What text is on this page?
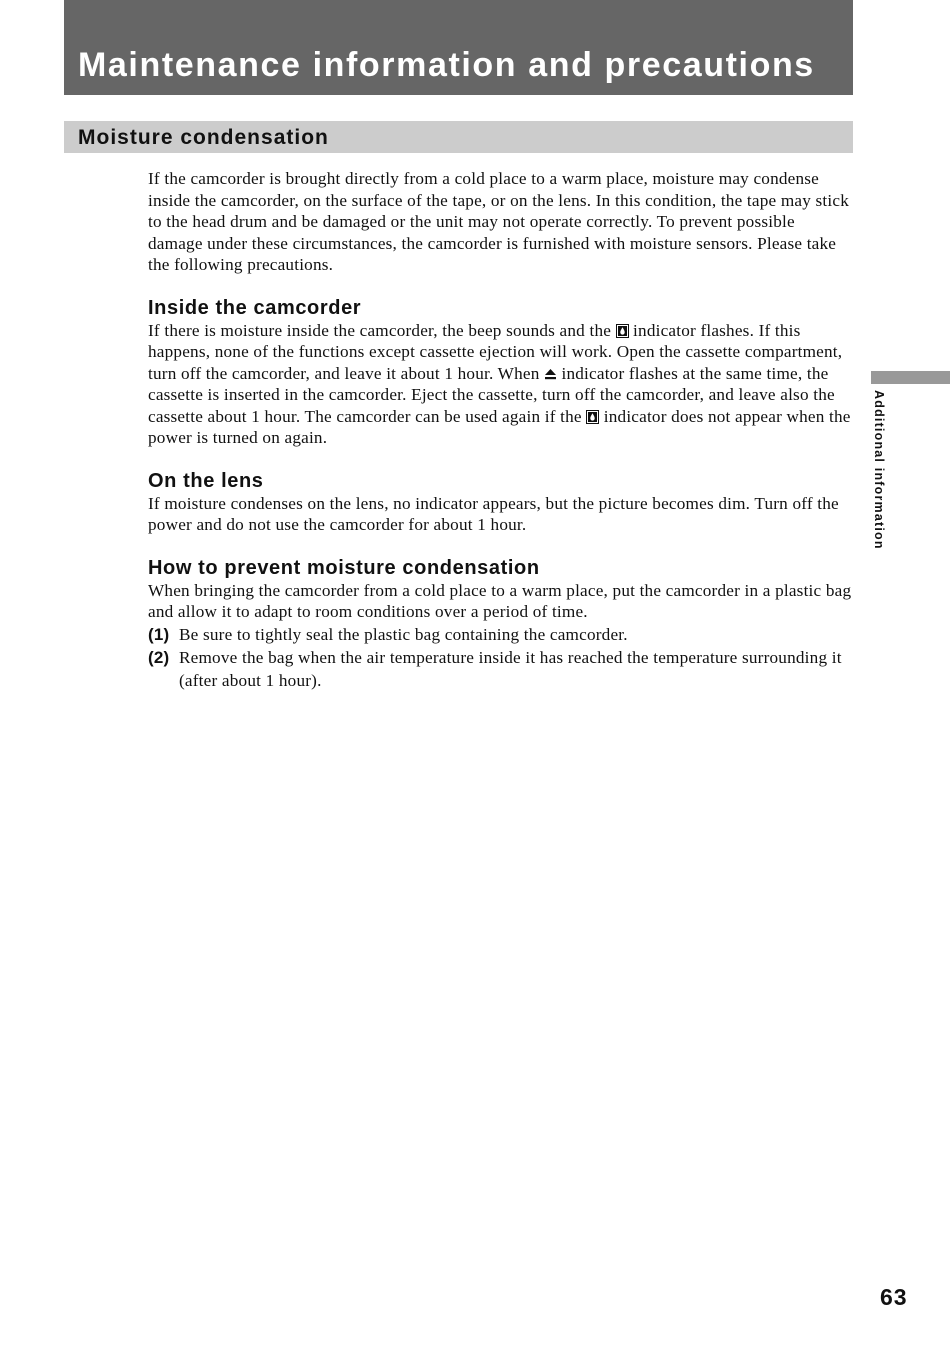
Maintenance information and precautions
Moisture condensation

If the camcorder is brought directly from a cold place to a warm place, moisture may condense inside the camcorder, on the surface of the tape, or on the lens. In this condition, the tape may stick to the head drum and be damaged or the unit may not operate correctly. To prevent possible damage under these circumstances, the camcorder is furnished with moisture sensors. Please take the following precautions.

Inside the camcorder

If there is moisture inside the camcorder, the beep sounds and the  indicator flashes. If this happens, none of the functions except cassette ejection will work. Open the cassette compartment, turn off the camcorder, and leave it about 1 hour. When  indicator flashes at the same time, the cassette is inserted in the camcorder. Eject the cassette, turn off the camcorder, and leave also the cassette about 1 hour. The camcorder can be used again if the  indicator does not appear when the power is turned on again.

On the lens

If moisture condenses on the lens, no indicator appears, but the picture becomes dim. Turn off the power and do not use the camcorder for about 1 hour.

How to prevent moisture condensation

When bringing the camcorder from a cold place to a warm place, put the camcorder in a plastic bag and allow it to adapt to room conditions over a period of time.

(1) Be sure to tightly seal the plastic bag containing the camcorder.

(2) Remove the bag when the air temperature inside it has reached the temperature surrounding it (after about 1 hour).

Additional information
63
